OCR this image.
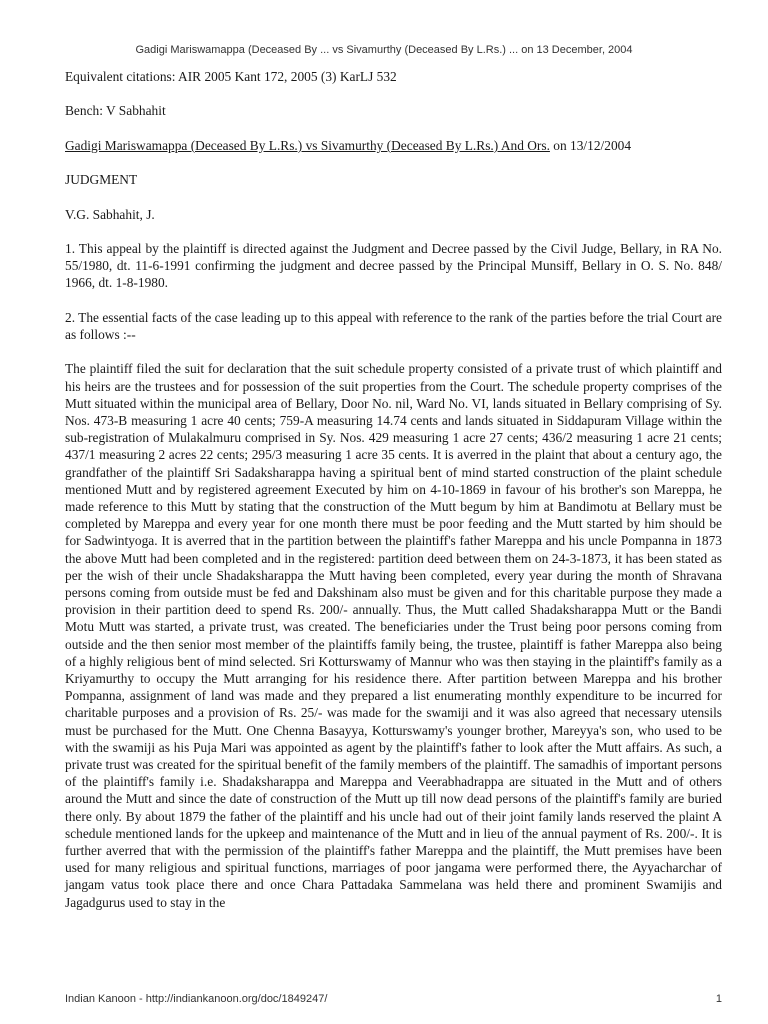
Gadigi Mariswamappa (Deceased By ... vs Sivamurthy (Deceased By L.Rs.) ... on 13 December, 2004

Equivalent citations: AIR 2005 Kant 172, 2005 (3) KarLJ 532

Bench: V Sabhahit

Gadigi Mariswamappa (Deceased By L.Rs.) vs Sivamurthy (Deceased By L.Rs.) And Ors. on 13/12/2004

JUDGMENT

V.G. Sabhahit, J.

1. This appeal by the plaintiff is directed against the Judgment and Decree passed by the Civil Judge, Bellary, in RA No. 55/1980, dt. 11-6-1991 confirming the judgment and decree passed by the Principal Munsiff, Bellary in O. S. No. 848/ 1966, dt. 1-8-1980.

2. The essential facts of the case leading up to this appeal with reference to the rank of the parties before the trial Court are as follows :--

The plaintiff filed the suit for declaration that the suit schedule property consisted of a private trust of which plaintiff and his heirs are the trustees and for possession of the suit properties from the Court. The schedule property comprises of the Mutt situated within the municipal area of Bellary, Door No. nil, Ward No. VI, lands situated in Bellary comprising of Sy. Nos. 473-B measuring 1 acre 40 cents; 759-A measuring 14.74 cents and lands situated in Siddapuram Village within the sub-registration of Mulakalmuru comprised in Sy. Nos. 429 measuring 1 acre 27 cents; 436/2 measuring 1 acre 21 cents; 437/1 measuring 2 acres 22 cents; 295/3 measuring 1 acre 35 cents. It is averred in the plaint that about a century ago, the grandfather of the plaintiff Sri Sadaksharappa having a spiritual bent of mind started construction of the plaint schedule mentioned Mutt and by registered agreement Executed by him on 4-10-1869 in favour of his brother's son Mareppa, he made reference to this Mutt by stating that the construction of the Mutt begum by him at Bandimotu at Bellary must be completed by Mareppa and every year for one month there must be poor feeding and the Mutt started by him should be for Sadwintyoga. It is averred that in the partition between the plaintiff's father Mareppa and his uncle Pompanna in 1873 the above Mutt had been completed and in the registered: partition deed between them on 24-3-1873, it has been stated as per the wish of their uncle Shadaksharappa the Mutt having been completed, every year during the month of Shravana persons coming from outside must be fed and Dakshinam also must be given and for this charitable purpose they made a provision in their partition deed to spend Rs. 200/- annually. Thus, the Mutt called Shadaksharappa Mutt or the Bandi Motu Mutt was started, a private trust, was created. The beneficiaries under the Trust being poor persons coming from outside and the then senior most member of the plaintiffs family being, the trustee, plaintiff is father Mareppa also being of a highly religious bent of mind selected. Sri Kotturswamy of Mannur who was then staying in the plaintiff's family as a Kriyamurthy to occupy the Mutt arranging for his residence there. After partition between Mareppa and his brother Pompanna, assignment of land was made and they prepared a list enumerating monthly expenditure to be incurred for charitable purposes and a provision of Rs. 25/- was made for the swamiji and it was also agreed that necessary utensils must be purchased for the Mutt. One Chenna Basayya, Kotturswamy's younger brother, Mareyya's son, who used to be with the swamiji as his Puja Mari was appointed as agent by the plaintiff's father to look after the Mutt affairs. As such, a private trust was created for the spiritual benefit of the family members of the plaintiff. The samadhis of important persons of the plaintiff's family i.e. Shadaksharappa and Mareppa and Veerabhadrappa are situated in the Mutt and of others around the Mutt and since the date of construction of the Mutt up till now dead persons of the plaintiff's family are buried there only. By about 1879 the father of the plaintiff and his uncle had out of their joint family lands reserved the plaint A schedule mentioned lands for the upkeep and maintenance of the Mutt and in lieu of the annual payment of Rs. 200/-. It is further averred that with the permission of the plaintiff's father Mareppa and the plaintiff, the Mutt premises have been used for many religious and spiritual functions, marriages of poor jangama were performed there, the Ayyacharchar of jangam vatus took place there and once Chara Pattadaka Sammelana was held there and prominent Swamijis and Jagadgurus used to stay in the

Indian Kanoon - http://indiankanoon.org/doc/1849247/	1
